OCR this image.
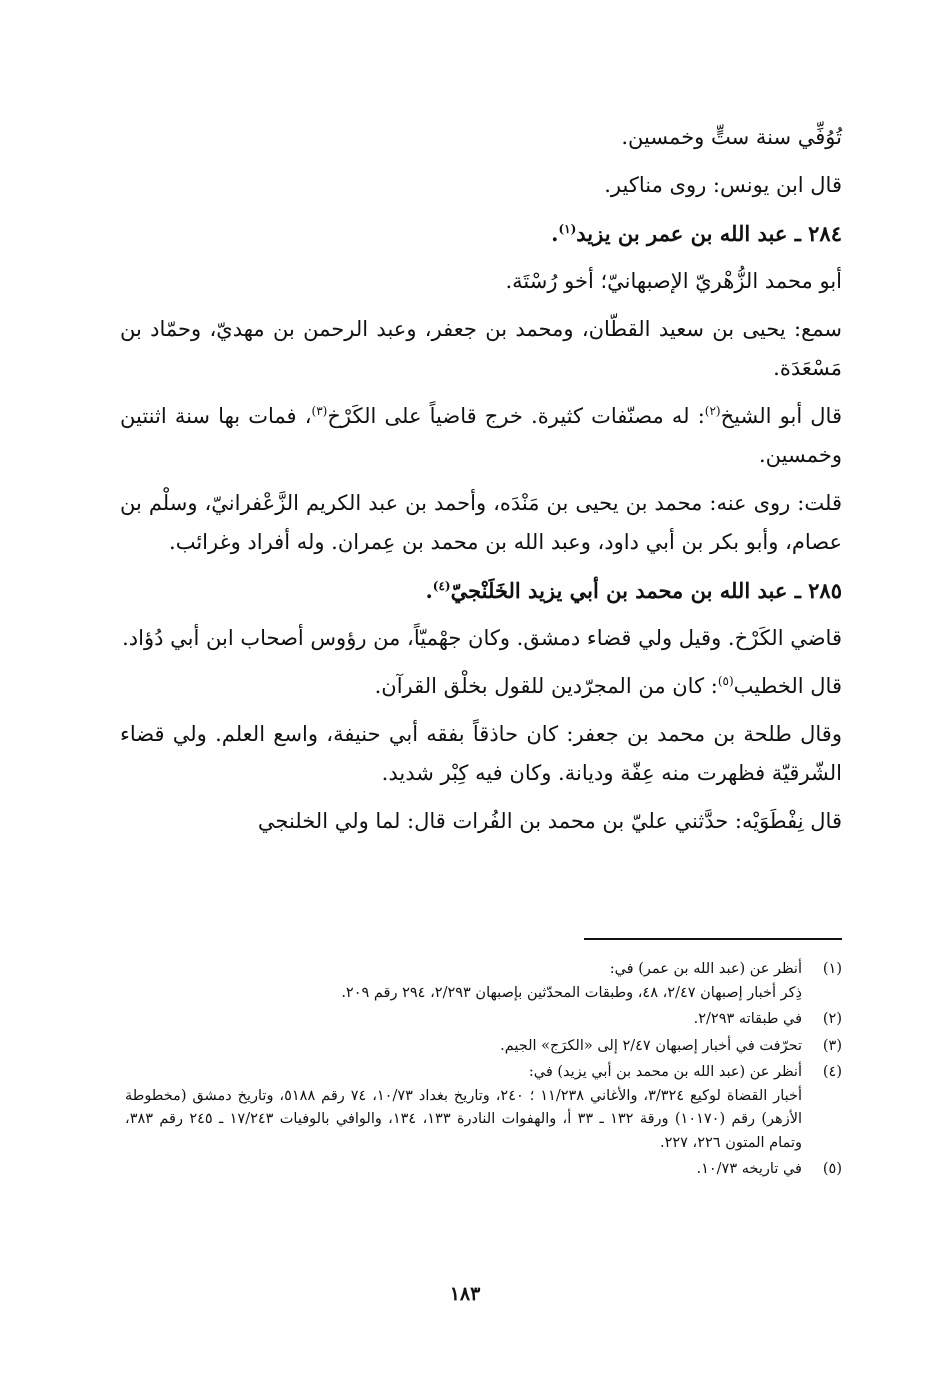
تُوُفِّي سنة ستٍّ وخمسين.

قال ابن يونس: روى مناكير.

٢٨٤ ـ عبد الله بن عمر بن يزيد$^{(١)}$.

أبو محمد الزُّهْريّ الإصبهانيّ؛ أخو رُسْتَة.

سمع: يحيى بن سعيد القطّان، ومحمد بن جعفر، وعبد الرحمن بن مهديّ، وحمّاد بن مَسْعَدَة.

قال أبو الشيخ$^{(٢)}$: له مصنّفات كثيرة. خرج قاضياً على الكَرْخ$^{(٣)}$، فمات بها سنة اثنتين وخمسين.

قلت: روى عنه: محمد بن يحيى بن مَنْدَه، وأحمد بن عبد الكريم الزَّعْفرانيّ، وسلْم بن عصام، وأبو بكر بن أبي داود، وعبد الله بن محمد بن عِمران. وله أفراد وغرائب.

٢٨٥ ـ عبد الله بن محمد بن أبي يزيد الخَلَنْجيّ$^{(٤)}$.

قاضي الكَرْخ. وقيل ولي قضاء دمشق. وكان جهْميّاً، من رؤوس أصحاب ابن أبي دُؤاد.

قال الخطيب$^{(٥)}$: كان من المجرّدين للقول بخلْق القرآن.

وقال طلحة بن محمد بن جعفر: كان حاذقاً بفقه أبي حنيفة، واسع العلم. ولي قضاء الشّرقيّة فظهرت منه عِفّة وديانة. وكان فيه كِبْر شديد.

قال نِفْطَوَيْه: حدَّثني عليّ بن محمد بن الفُرات قال: لما ولي الخلنجي

(١)
أنظر عن (عبد الله بن عمر) في:
ذِكر أخبار إصبهان ٢/٤٧، ٤٨، وطبقات المحدّثين بإصبهان ٢/٢٩٣، ٢٩٤ رقم ٢٠٩.
(٢)
في طبقاته ٢/٢٩٣.
(٣)
تحرّفت في أخبار إصبهان ٢/٤٧ إلى «الكرَج» الجيم.
(٤)
أنظر عن (عبد الله بن محمد بن أبي يزيد) في:
أخبار القضاة لوكيع ٣/٣٢٤، والأغاني ١١/٢٣٨ ؛ ٢٤٠، وتاريخ بغداد ١٠/٧٣، ٧٤ رقم ٥١٨٨، وتاريخ دمشق (مخطوطة الأزهر) رقم (١٠١٧٠) ورقة ١٣٢ ـ ٣٣ أ، والهفوات النادرة ١٣٣، ١٣٤، والوافي بالوفيات ١٧/٢٤٣ ـ ٢٤٥ رقم ٣٨٣، وتمام المتون ٢٢٦، ٢٢٧.
(٥)
في تاريخه ١٠/٧٣.
١٨٣
